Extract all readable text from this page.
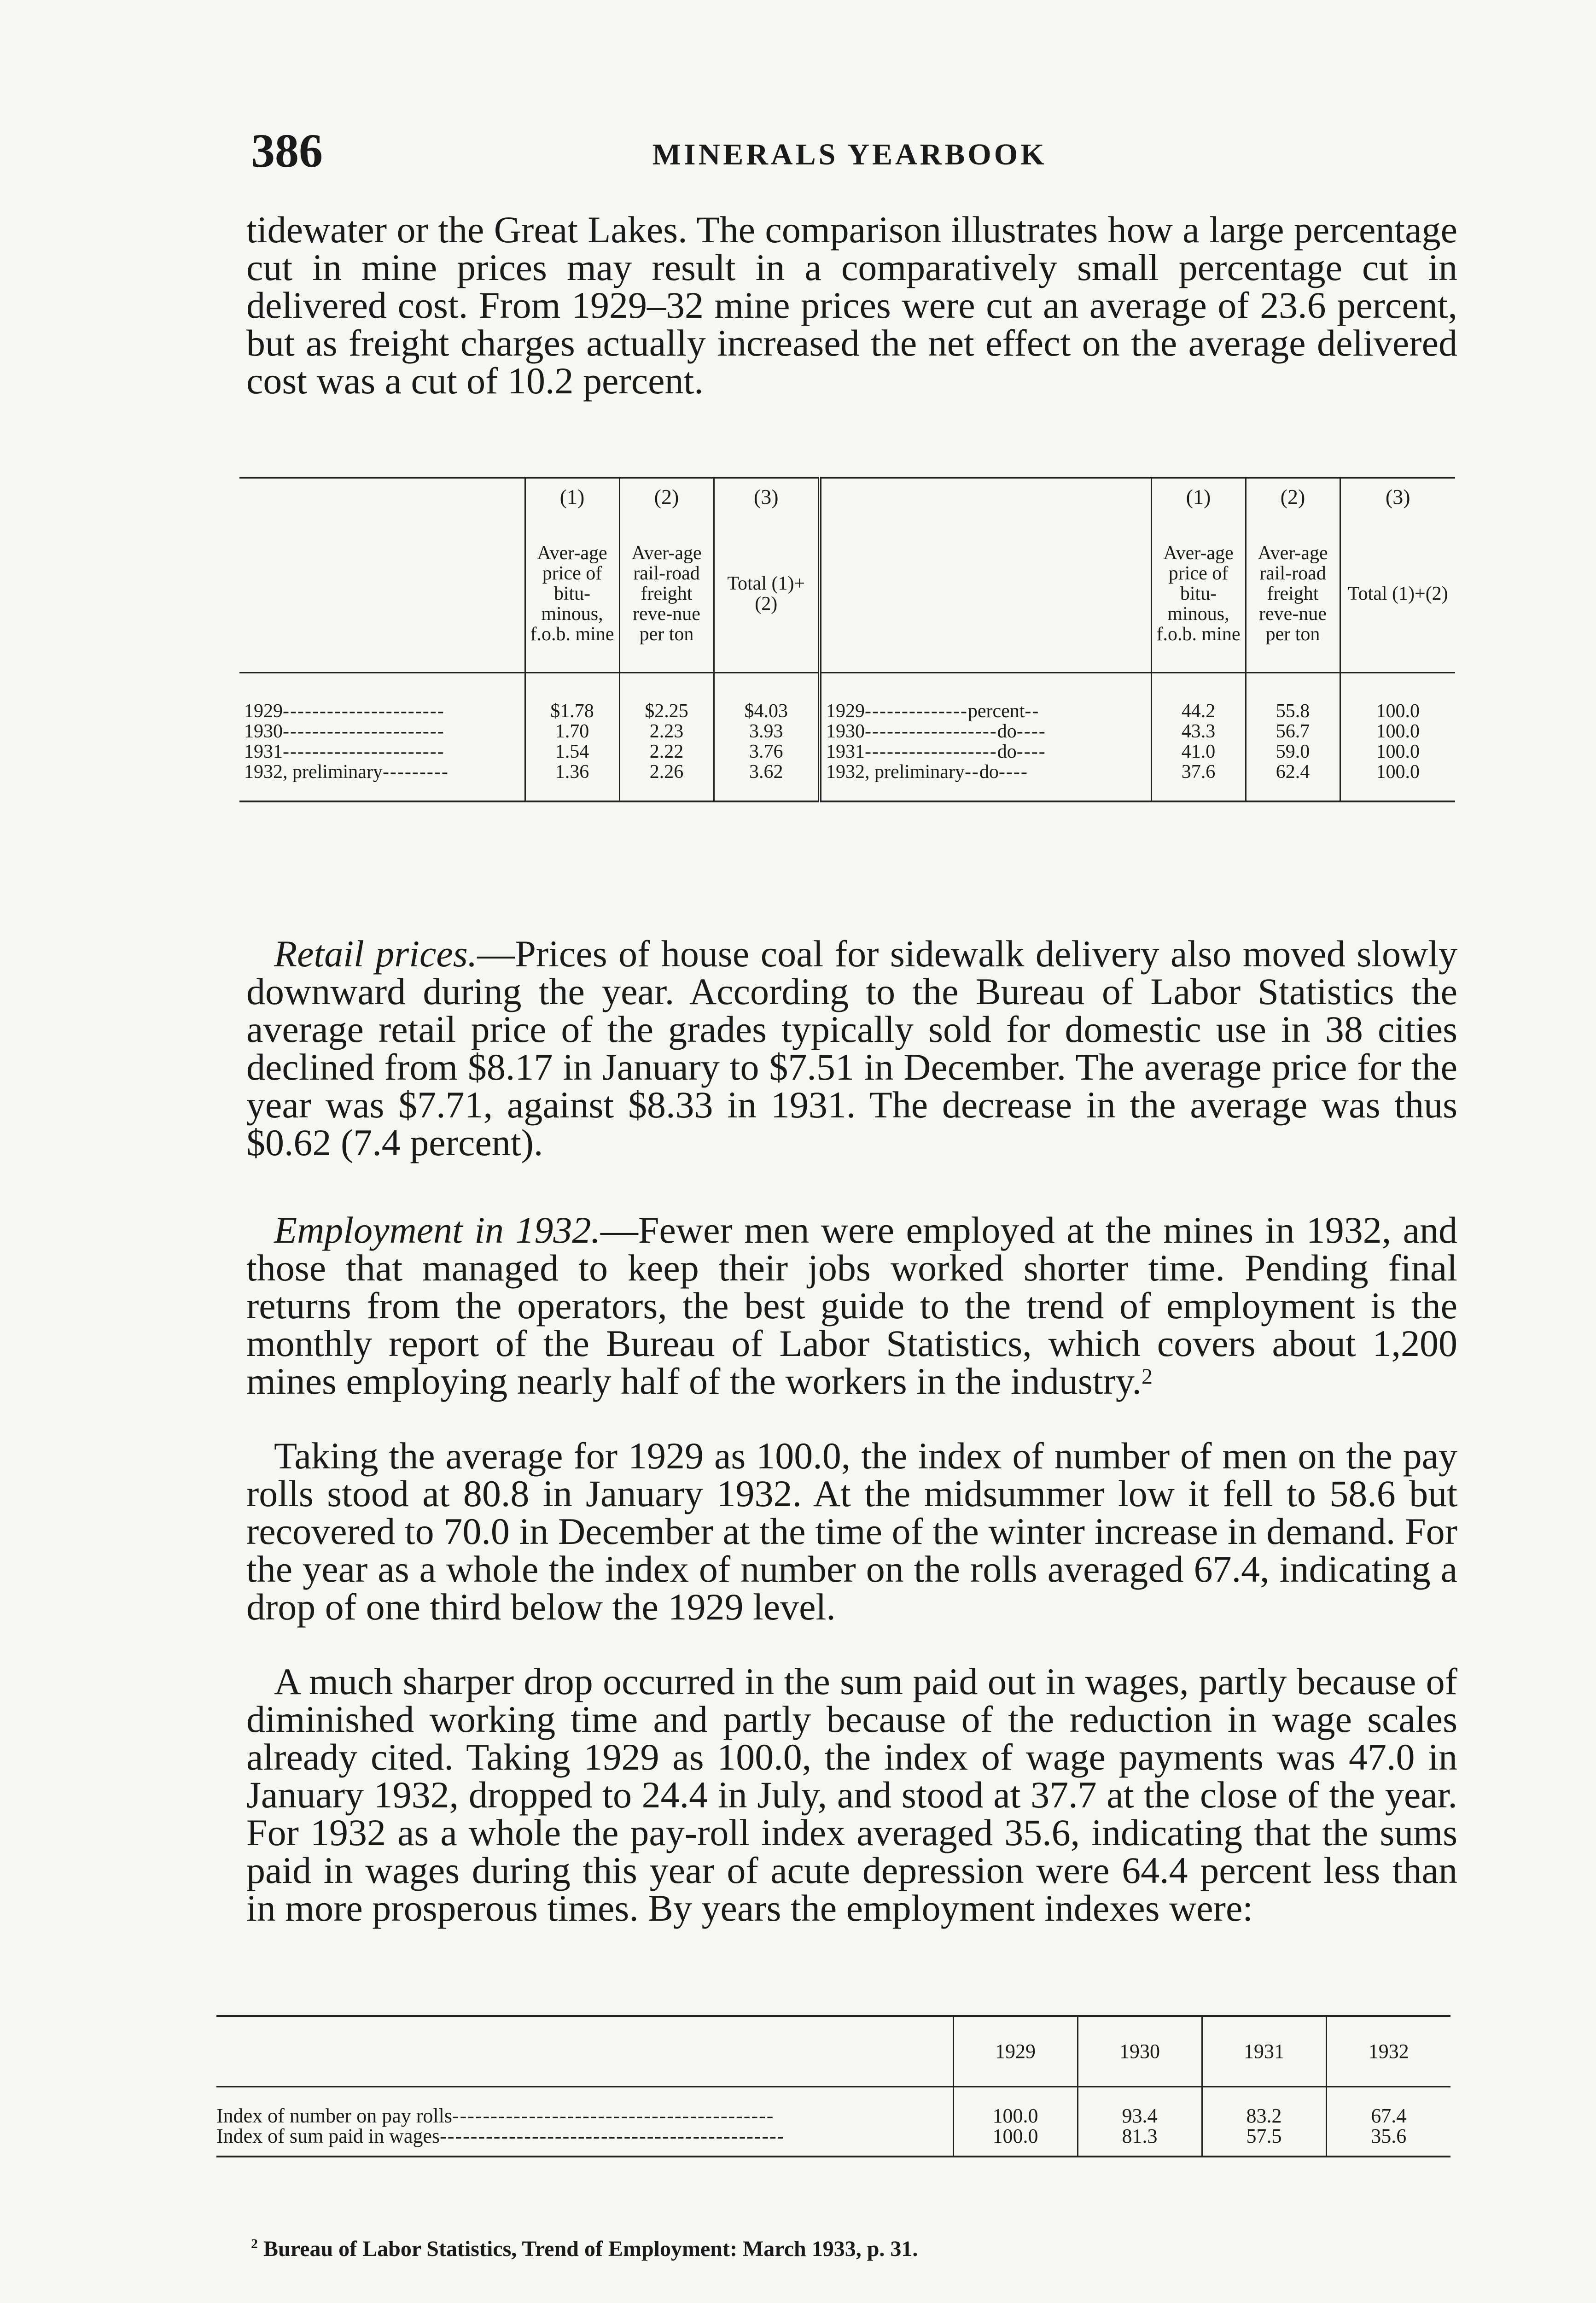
386	MINERALS YEARBOOK

tidewater or the Great Lakes. The comparison illustrates how a large percentage cut in mine prices may result in a comparatively small percentage cut in delivered cost. From 1929–32 mine prices were cut an average of 23.6 percent, but as freight charges actually increased the net effect on the average delivered cost was a cut of 10.2 percent.

	(1)	(2)	(3)		(1)	(2)	(3)
	Aver-age price of bitu-minous, f.o.b. mine	Aver-age rail-road freight reve-nue per ton	Total (1)+(2)		Aver-age price of bitu-minous, f.o.b. mine	Aver-age rail-road freight reve-nue per ton	Total (1)+(2)
1929----------------------	$1.78	$2.25	$4.03	1929--------------percent--	44.2	55.8	100.0
1930----------------------	1.70	2.23	3.93	1930------------------do----	43.3	56.7	100.0
1931----------------------	1.54	2.22	3.76	1931------------------do----	41.0	59.0	100.0
1932, preliminary---------	1.36	2.26	3.62	1932, preliminary--do----	37.6	62.4	100.0

Retail prices.—Prices of house coal for sidewalk delivery also moved slowly downward during the year. According to the Bureau of Labor Statistics the average retail price of the grades typically sold for domestic use in 38 cities declined from $8.17 in January to $7.51 in December. The average price for the year was $7.71, against $8.33 in 1931. The decrease in the average was thus $0.62 (7.4 percent).

Employment in 1932.—Fewer men were employed at the mines in 1932, and those that managed to keep their jobs worked shorter time. Pending final returns from the operators, the best guide to the trend of employment is the monthly report of the Bureau of Labor Statistics, which covers about 1,200 mines employing nearly half of the workers in the industry.$^2$

Taking the average for 1929 as 100.0, the index of number of men on the pay rolls stood at 80.8 in January 1932. At the midsummer low it fell to 58.6 but recovered to 70.0 in December at the time of the winter increase in demand. For the year as a whole the index of number on the rolls averaged 67.4, indicating a drop of one third below the 1929 level.

A much sharper drop occurred in the sum paid out in wages, partly because of diminished working time and partly because of the reduction in wage scales already cited. Taking 1929 as 100.0, the index of wage payments was 47.0 in January 1932, dropped to 24.4 in July, and stood at 37.7 at the close of the year. For 1932 as a whole the pay-roll index averaged 35.6, indicating that the sums paid in wages during this year of acute depression were 64.4 percent less than in more prosperous times. By years the employment indexes were:

	1929	1930	1931	1932
Index of number on pay rolls------------------------------------------	100.0	93.4	83.2	67.4
Index of sum paid in wages---------------------------------------------	100.0	81.3	57.5	35.6
$^2$ Bureau of Labor Statistics, Trend of Employment: March 1933, p. 31.
